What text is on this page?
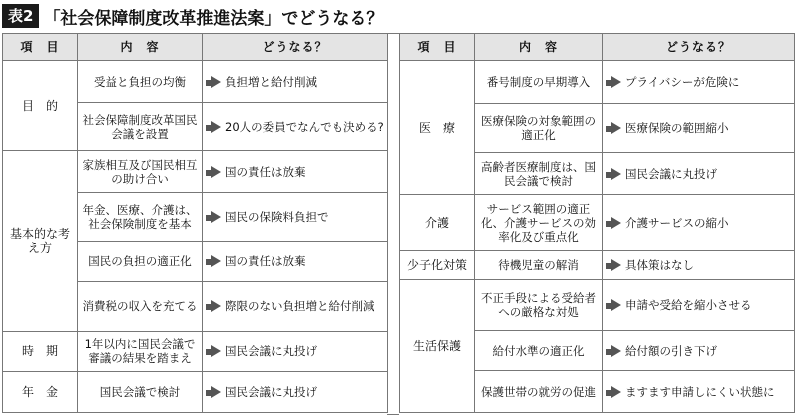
表2 「社会保障制度改革推進法案」でどうなる？
項　目	内　容	どうなる？
目　的	受益と負担の均衡	負担増と給付削減
	社会保障制度改革国民会議を設置	20人の委員でなんでも決める?
基本的な考え方	家族相互及び国民相互の助け合い	国の責任は放棄
	年金、医療、介護は、社会保険制度を基本	国民の保険料負担で
	国民の負担の適正化	国の責任は放棄
	消費税の収入を充てる	際限のない負担増と給付削減
時　期	1年以内に国民会議で審議の結果を踏まえ	国民会議に丸投げ
年　金	国民会議で検討	国民会議に丸投げ
項　目	内　容	どうなる？
医　療	番号制度の早期導入	プライバシーが危険に
	医療保険の対象範囲の適正化	医療保険の範囲縮小
	高齢者医療制度は、国民会議で検討	国民会議に丸投げ
介護	サービス範囲の適正化、介護サービスの効率化及び重点化	介護サービスの縮小
少子化対策	待機児童の解消	具体策はなし
生活保護	不正手段による受給者への厳格な対処	申請や受給を縮小させる
	給付水準の適正化	給付額の引き下げ
	保護世帯の就労の促進	ますます申請しにくい状態に
